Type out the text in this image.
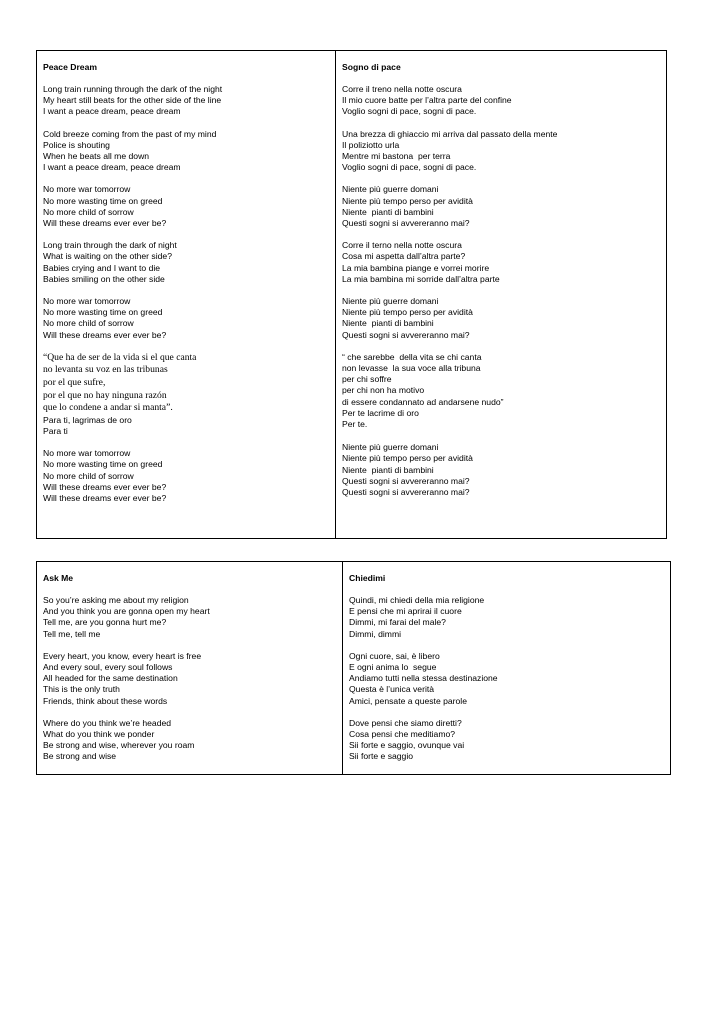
Peace Dream
Long train running through the dark of the night
My heart still beats for the other side of the line
I want a peace dream, peace dream
Cold breeze coming from the past of my mind
Police is shouting
When he beats all me down
I want a peace dream, peace dream
No more war tomorrow
No more wasting time on greed
No more child of sorrow
Will these dreams ever ever be?
Long train through the dark of night
What is waiting on the other side?
Babies crying and I want to die
Babies smiling on the other side
No more war tomorrow
No more wasting time on greed
No more child of sorrow
Will these dreams ever ever be?
“Que ha de ser de la vida si el que canta
no levanta su voz en las tribunas
por el que sufre,
por el que no hay ninguna razón
que lo condene a andar si manta”.
Para ti, lagrimas de oro
Para ti
No more war tomorrow
No more wasting time on greed
No more child of sorrow
Will these dreams ever ever be?
Will these dreams ever ever be?
Sogno di pace
Corre il treno nella notte oscura
Il mio cuore batte per l’altra parte del confine
Voglio sogni di pace, sogni di pace.
Una brezza di ghiaccio mi arriva dal passato della mente
Il poliziotto urla
Mentre mi bastona  per terra
Voglio sogni di pace, sogni di pace.
Niente più guerre domani
Niente più tempo perso per avidità
Niente  pianti di bambini
Questi sogni si avvereranno mai?
Corre il terno nella notte oscura
Cosa mi aspetta dall’altra parte?
La mia bambina piange e vorrei morire
La mia bambina mi sorride dall’altra parte
Niente più guerre domani
Niente più tempo perso per avidità
Niente  pianti di bambini
Questi sogni si avvereranno mai?
“ che sarebbe  della vita se chi canta
non levasse  la sua voce alla tribuna
per chi soffre
per chi non ha motivo
di essere condannato ad andarsene nudo”
Per te lacrime di oro
Per te.
Niente più guerre domani
Niente più tempo perso per avidità
Niente  pianti di bambini
Questi sogni si avvereranno mai?
Questi sogni si avvereranno mai?
Ask Me
So you’re asking me about my religion
And you think you are gonna open my heart
Tell me, are you gonna hurt me?
Tell me, tell me
Every heart, you know, every heart is free
And every soul, every soul follows
All headed for the same destination
This is the only truth
Friends, think about these words
Where do you think we’re headed
What do you think we ponder
Be strong and wise, wherever you roam
Be strong and wise
Chiedimi
Quindi, mi chiedi della mia religione
E pensi che mi aprirai il cuore
Dimmi, mi farai del male?
Dimmi, dimmi
Ogni cuore, sai, è libero
E ogni anima lo  segue
Andiamo tutti nella stessa destinazione
Questa è l’unica verità
Amici, pensate a queste parole
Dove pensi che siamo diretti?
Cosa pensi che meditiamo?
Sii forte e saggio, ovunque vai
Sii forte e saggio
